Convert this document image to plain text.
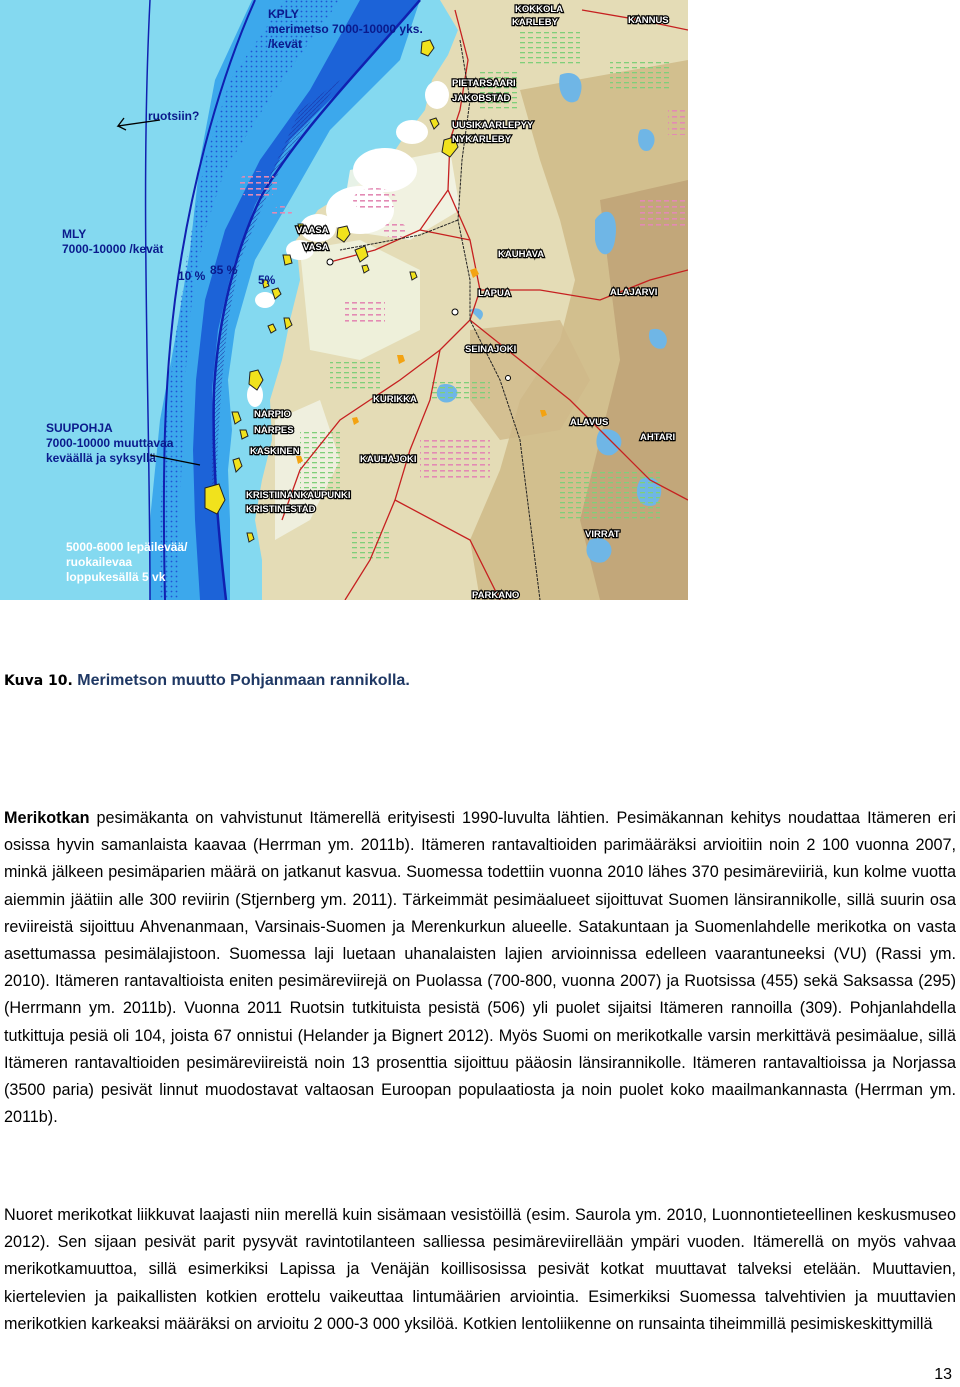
KPLY
merimetso 7000-10000 yks.
/kevät
ruotsiin?
MLY
7000-10000 /kevät
10 % 85 %
5%
SUUPOHJA
7000-10000 muuttavaa
keväällä ja syksyllä
5000-6000 lepäilevää/
ruokailevaa
loppukesällä 5 vk
KOKKOLA
KARLEBY	KANNUS
PIETARSAARI
JAKOBSTAD
UUSIKAARLEPYY
NYKARLEBY
VAASA
VASA
KAUHAVA
LAPUA	ALAJARVI
SEINAJOKI
KURIKKA
ALAVUS
AHTARI
NARPIO
NARPES
KASKINEN
KAUHAJOKI
KRISTIINANKAUPUNKI
KRISTINESTAD
VIRRAT
PARKANO
Kuva 10. Merimetson muutto Pohjanmaan rannikolla.

Merikotkan pesimäkanta on vahvistunut Itämerellä erityisesti 1990-luvulta lähtien. Pesimäkannan kehitys noudattaa Itämeren eri osissa hyvin samanlaista kaavaa (Herrman ym. 2011b). Itämeren rantavaltioiden parimääräksi arvioitiin noin 2 100 vuonna 2007, minkä jälkeen pesimäparien määrä on jatkanut kasvua. Suomessa todettiin vuonna 2010 lähes 370 pesimäreviiriä, kun kolme vuotta aiemmin jäätiin alle 300 reviirin (Stjernberg ym. 2011). Tärkeimmät pesimäalueet sijoittuvat Suomen länsirannikolle, sillä suurin osa reviireistä sijoittuu Ahvenanmaan, Varsinais-Suomen ja Merenkurkun alueelle. Satakuntaan ja Suomenlahdelle merikotka on vasta asettumassa pesimälajistoon. Suomessa laji luetaan uhanalaisten lajien arvioinnissa edelleen vaarantuneeksi (VU) (Rassi ym. 2010). Itämeren rantavaltioista eniten pesimäreviirejä on Puolassa (700-800, vuonna 2007) ja Ruotsissa (455) sekä Saksassa (295) (Herrmann ym. 2011b). Vuonna 2011 Ruotsin tutkituista pesistä (506) yli puolet sijaitsi Itämeren rannoilla (309). Pohjanlahdella tutkittuja pesiä oli 104, joista 67 onnistui (Helander ja Bignert 2012). Myös Suomi on merikotkalle varsin merkittävä pesimäalue, sillä Itämeren rantavaltioiden pesimäreviireistä noin 13 prosenttia sijoittuu pääosin länsirannikolle. Itämeren rantavaltioissa ja Norjassa (3500 paria) pesivät linnut muodostavat valtaosan Euroopan populaatiosta ja noin puolet koko maailmankannasta (Herrman ym. 2011b).

Nuoret merikotkat liikkuvat laajasti niin merellä kuin sisämaan vesistöillä (esim. Saurola ym. 2010, Luonnontieteellinen keskusmuseo 2012). Sen sijaan pesivät parit pysyvät ravintotilanteen salliessa pesimäreviirellään ympäri vuoden. Itämerellä on myös vahvaa merikotkamuuttoa, sillä esimerkiksi Lapissa ja Venäjän koillisosissa pesivät kotkat muuttavat talveksi etelään. Muuttavien, kiertelevien ja paikallisten kotkien erottelu vaikeuttaa lintumäärien arviointia. Esimerkiksi Suomessa talvehtivien ja muuttavien merikotkien karkeaksi määräksi on arvioitu 2 000-3 000 yksilöä. Kotkien lentoliikenne on runsainta tiheimmillä pesimiskeskittymillä

13
